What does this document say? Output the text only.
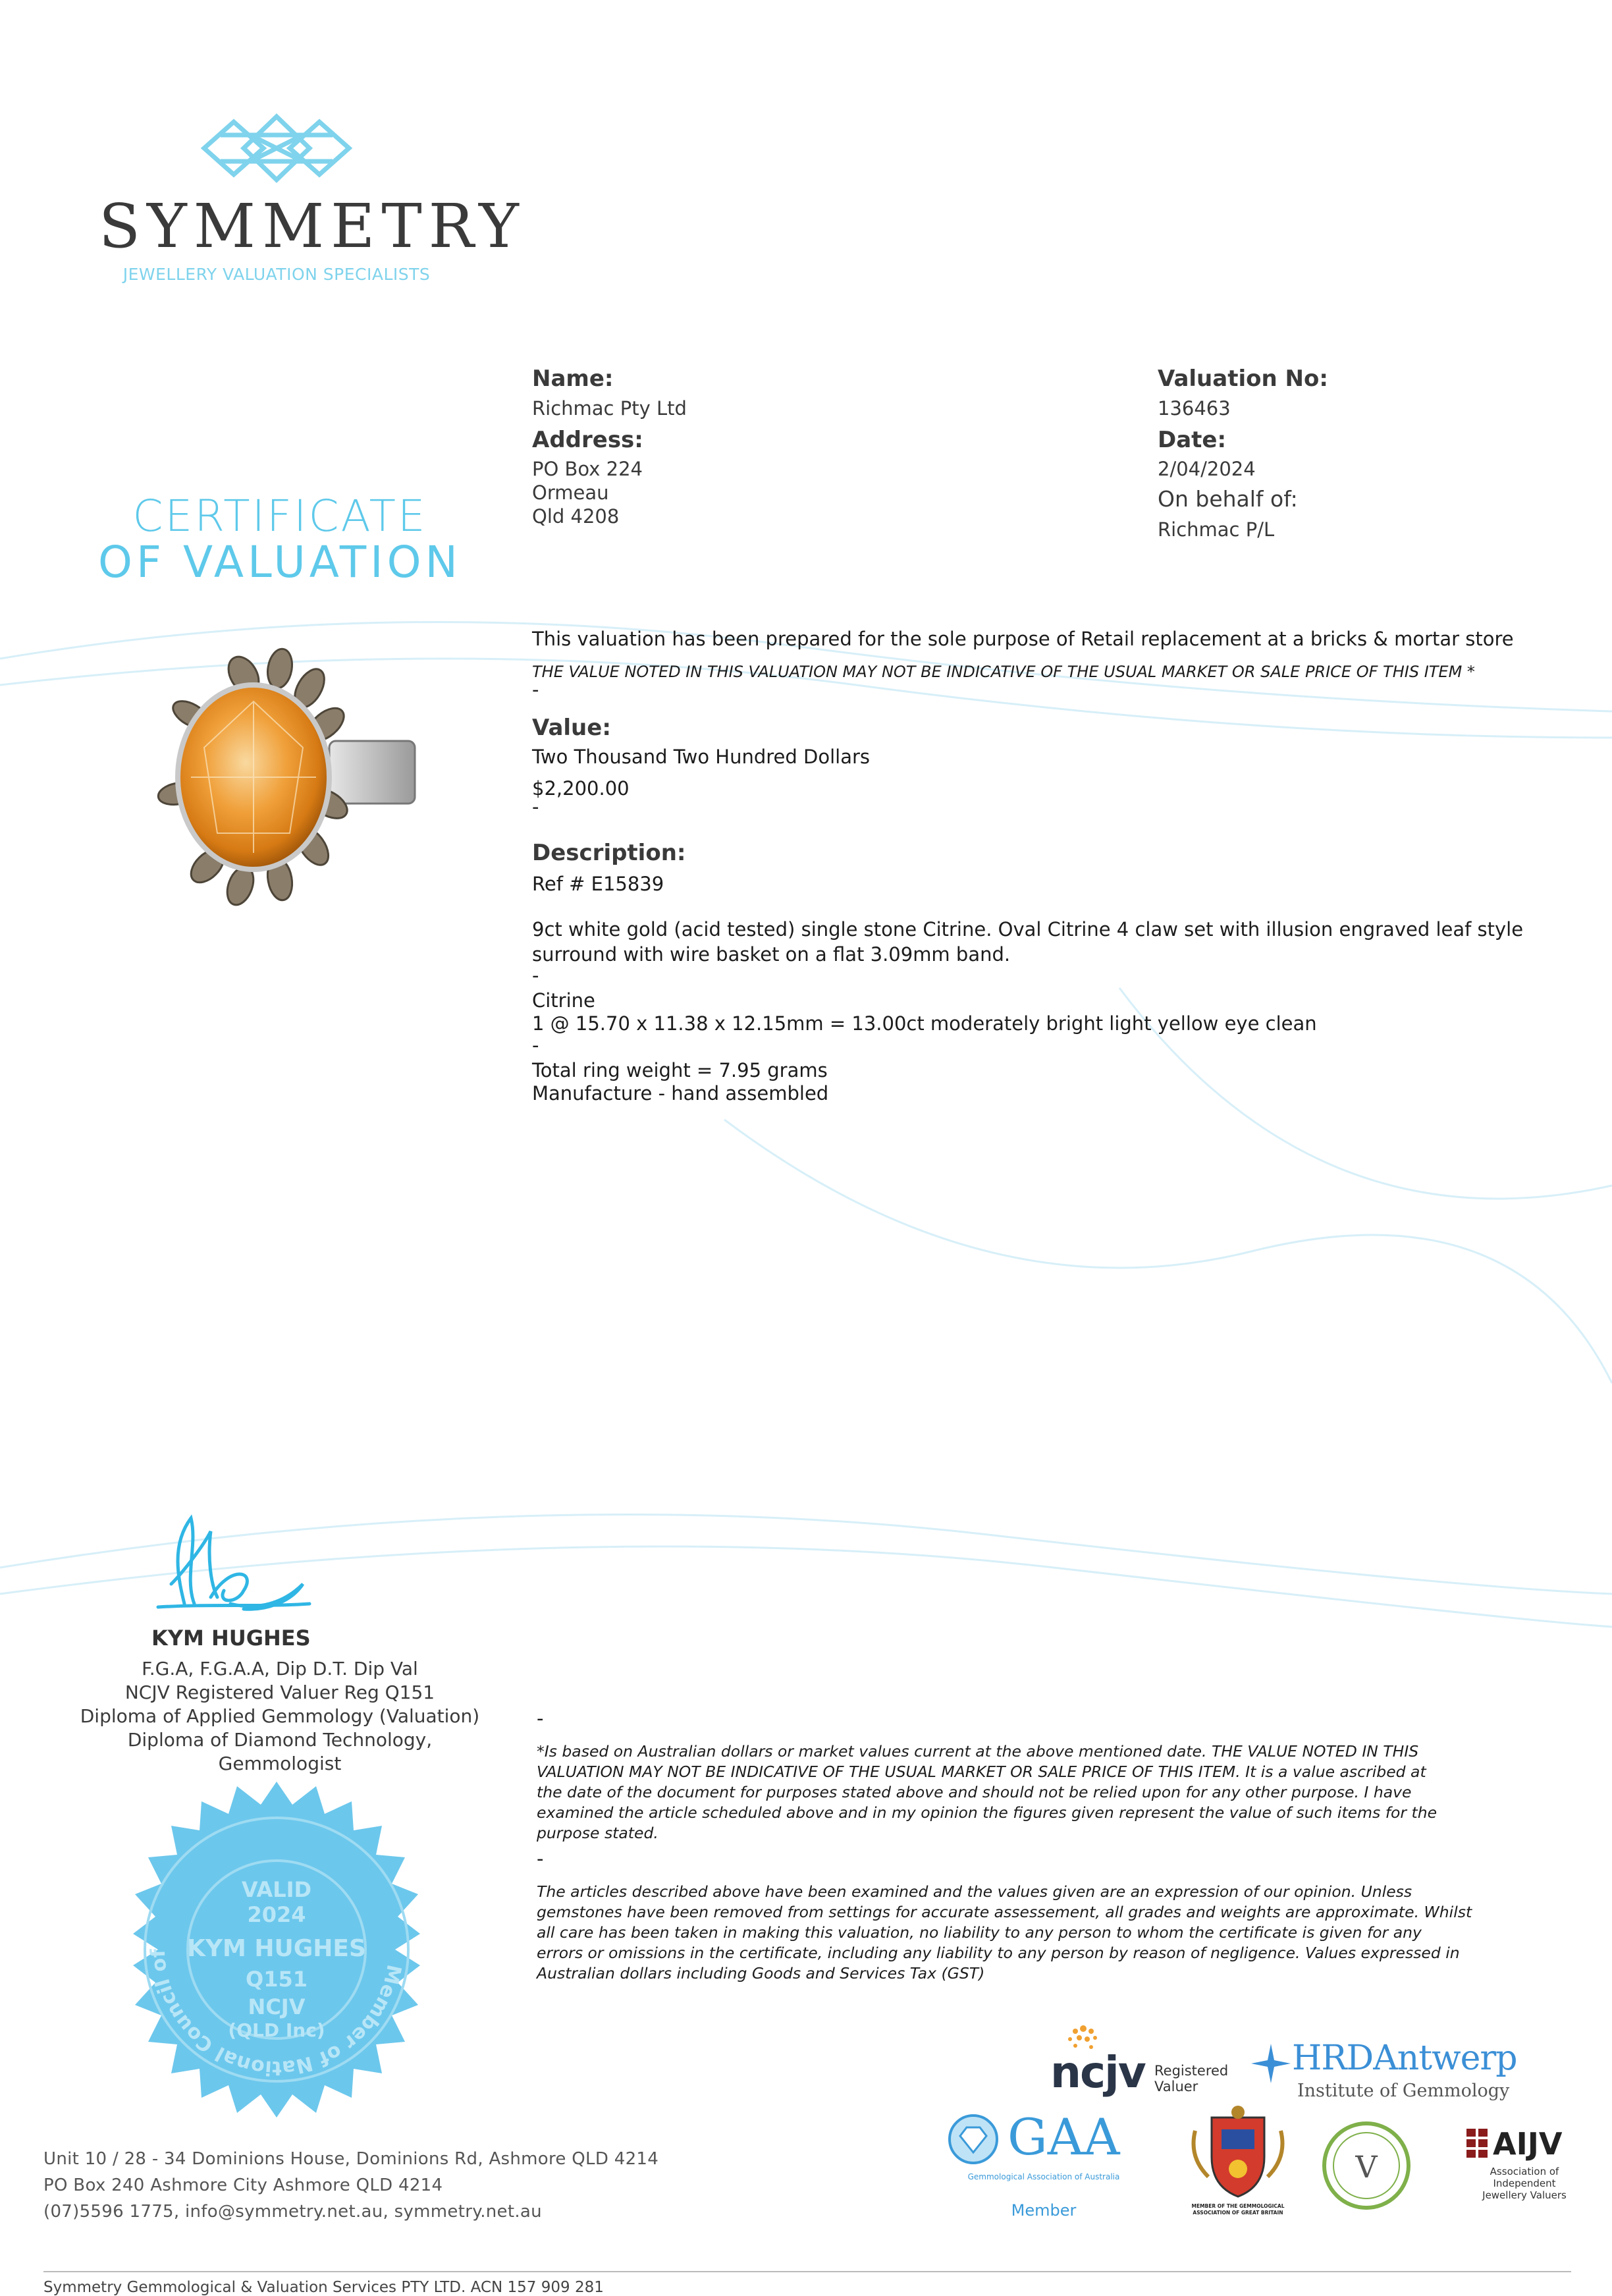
SYMMETRY
JEWELLERY VALUATION SPECIALISTS
CERTIFICATE
OF VALUATION
Name:
Richmac Pty Ltd
Address:
PO Box 224
Ormeau
Qld 4208
Valuation No:
136463
Date:
2/04/2024
On behalf of:
Richmac P/L
This valuation has been prepared for the sole purpose of Retail replacement at a bricks & mortar store
THE VALUE NOTED IN THIS VALUATION MAY NOT BE INDICATIVE OF THE USUAL MARKET OR SALE PRICE OF THIS ITEM *
-
Value:
Two Thousand Two Hundred Dollars
$2,200.00
-
Description:
Ref # E15839
9ct white gold (acid tested) single stone Citrine. Oval Citrine 4 claw set with illusion engraved leaf style
surround with wire basket on a flat 3.09mm band.
-
Citrine
1 @ 15.70 x 11.38 x 12.15mm = 13.00ct moderately bright light yellow eye clean
-
Total ring weight = 7.95 grams
Manufacture - hand assembled
KYM HUGHES
F.G.A, F.G.A.A, Dip D.T. Dip Val
NCJV Registered Valuer Reg Q151
Diploma of Applied Gemmology (Valuation)
Diploma of Diamond Technology,
Gemmologist
Member of National Council of
VALID
2024
KYM HUGHES
Q151
NCJV
(QLD Inc)
-
*Is based on Australian dollars or market values current at the above mentioned date. THE VALUE NOTED IN THIS
VALUATION MAY NOT BE INDICATIVE OF THE USUAL MARKET OR SALE PRICE OF THIS ITEM. It is a value ascribed at
the date of the document for purposes stated above and should not be relied upon for any other purpose. I have
examined the article scheduled above and in my opinion the figures given represent the value of such items for the
purpose stated.
-
The articles described above have been examined and the values given are an expression of our opinion. Unless
gemstones have been removed from settings for accurate assessement, all grades and weights are approximate. Whilst
all care has been taken in making this valuation, no liability to any person to whom the certificate is given for any
errors or omissions in the certificate, including any liability to any person by reason of negligence. Values expressed in
Australian dollars including Goods and Services Tax (GST)
ncjv Registered
Valuer
HRDAntwerp
Institute of Gemmology
GAA
Gemmological Association of Australia
Member	MEMBER OF THE GEMMOLOGICAL
ASSOCIATION OF GREAT BRITAIN
V
AIJV
Association of
Independent
Jewellery Valuers
Unit 10 / 28 - 34 Dominions House, Dominions Rd, Ashmore QLD 4214
PO Box 240 Ashmore City Ashmore QLD 4214
(07)5596 1775, info@symmetry.net.au, symmetry.net.au
Symmetry Gemmological & Valuation Services PTY LTD. ACN 157 909 281
